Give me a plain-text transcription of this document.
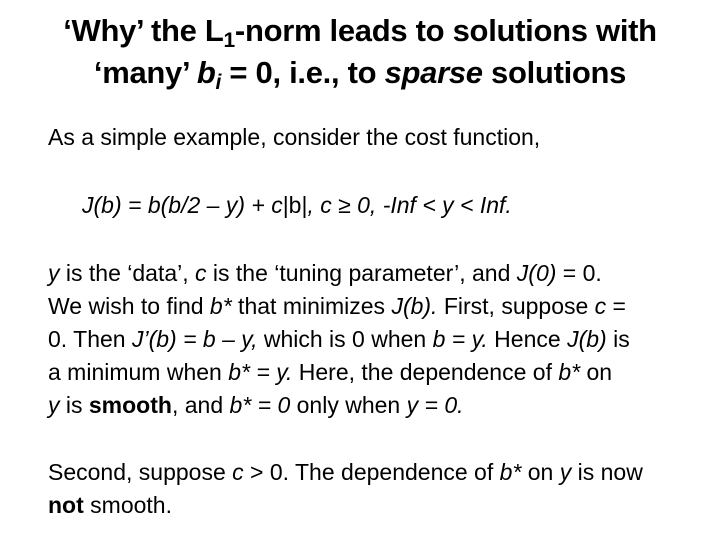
‘Why’ the $L_1$-norm leads to solutions with
‘many’ $b_i = 0$, i.e., to sparse solutions
As a simple example, consider the cost function,
J(b) = b(b/2 – y) + c|b|, c ≥ 0, -Inf < y < Inf.
y is the ‘data’, c is the ‘tuning parameter’, and J(0) = 0.
We wish to find b* that minimizes J(b). First, suppose c =
0. Then J’(b) = b – y, which is 0 when b = y. Hence J(b) is
a minimum when b* = y. Here, the dependence of b* on
y is smooth, and b* = 0 only when y = 0.
Second, suppose c > 0. The dependence of b* on y is now
not smooth.
